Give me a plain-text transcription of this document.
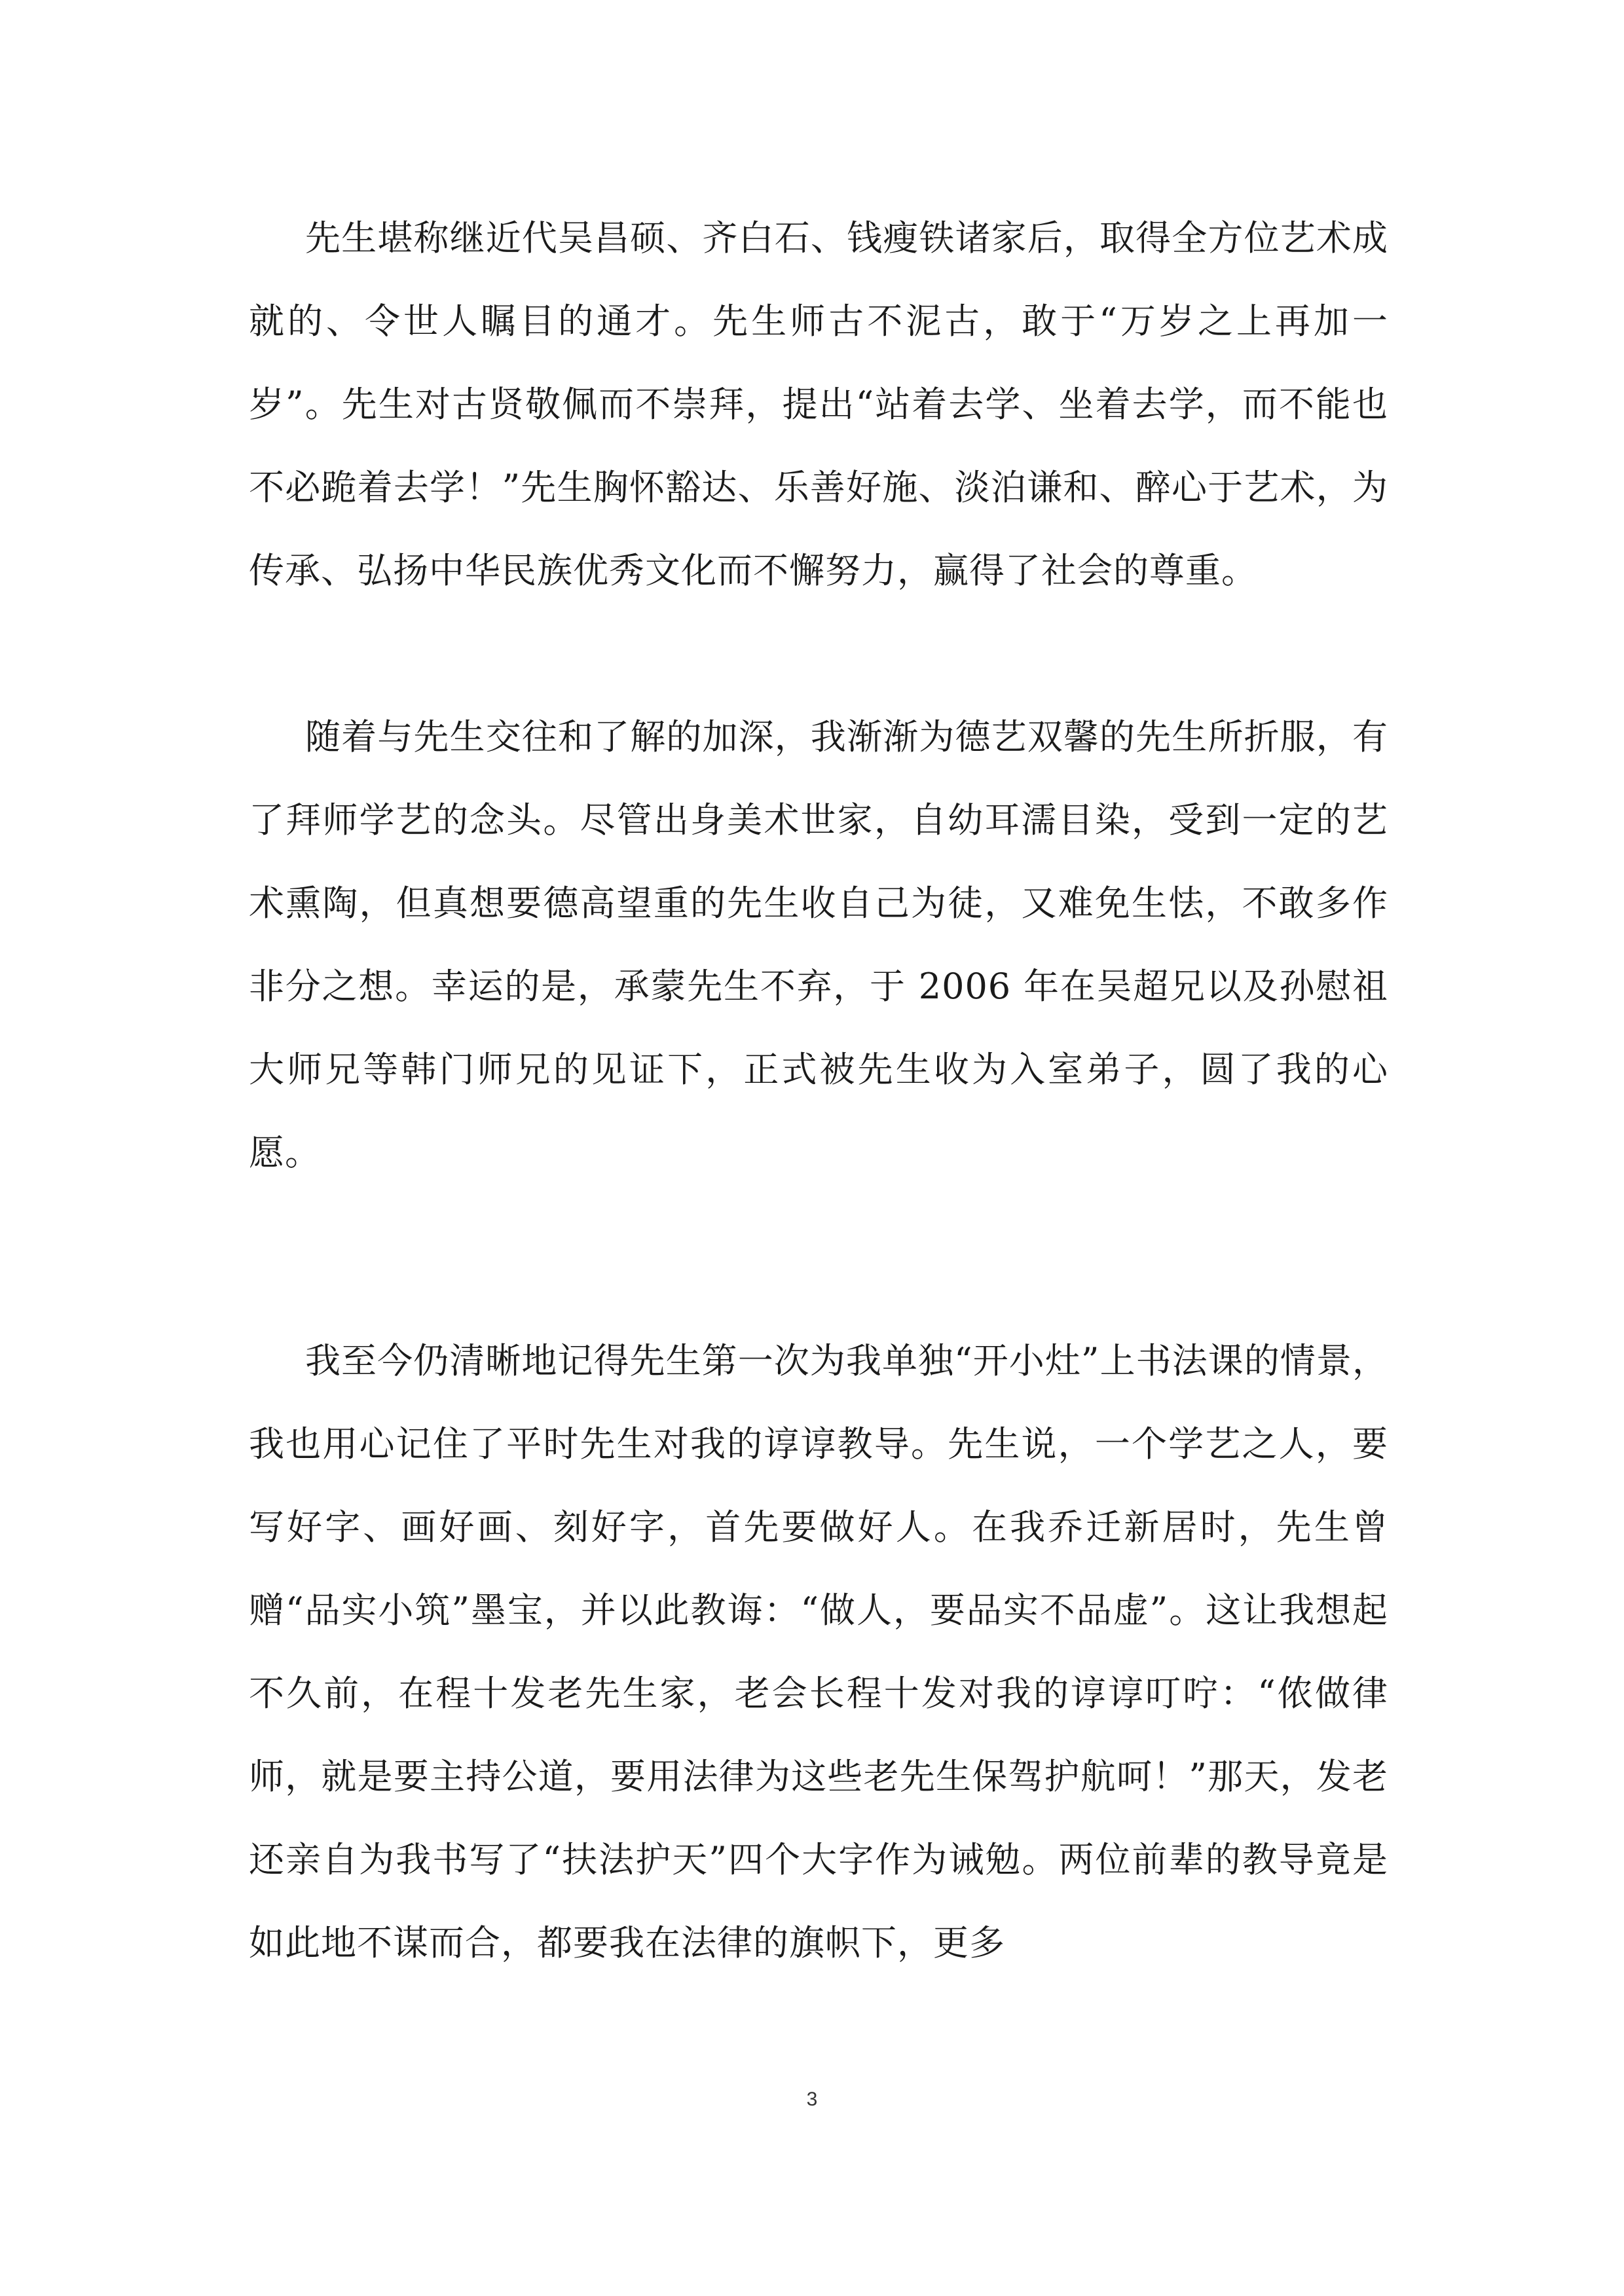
先生堪称继近代吴昌硕、齐白石、钱瘦铁诸家后，取得全方位艺术成就的、令世人瞩目的通才。先生师古不泥古，敢于“万岁之上再加一岁”。先生对古贤敬佩而不崇拜，提出“站着去学、坐着去学，而不能也不必跪着去学！”先生胸怀豁达、乐善好施、淡泊谦和、醉心于艺术，为传承、弘扬中华民族优秀文化而不懈努力，赢得了社会的尊重。

随着与先生交往和了解的加深，我渐渐为德艺双馨的先生所折服，有了拜师学艺的念头。尽管出身美术世家，自幼耳濡目染，受到一定的艺术熏陶，但真想要德高望重的先生收自己为徒，又难免生怯，不敢多作非分之想。幸运的是，承蒙先生不弃，于 2006 年在吴超兄以及孙慰祖大师兄等韩门师兄的见证下，正式被先生收为入室弟子，圆了我的心愿。

我至今仍清晰地记得先生第一次为我单独“开小灶”上书法课的情景，我也用心记住了平时先生对我的谆谆教导。先生说，一个学艺之人，要写好字、画好画、刻好字，首先要做好人。在我乔迁新居时，先生曾赠“品实小筑”墨宝，并以此教诲：“做人，要品实不品虚”。这让我想起不久前，在程十发老先生家，老会长程十发对我的谆谆叮咛：“侬做律师，就是要主持公道，要用法律为这些老先生保驾护航呵！”那天，发老还亲自为我书写了“扶法护天”四个大字作为诫勉。两位前辈的教导竟是如此地不谋而合，都要我在法律的旗帜下，更多

3
